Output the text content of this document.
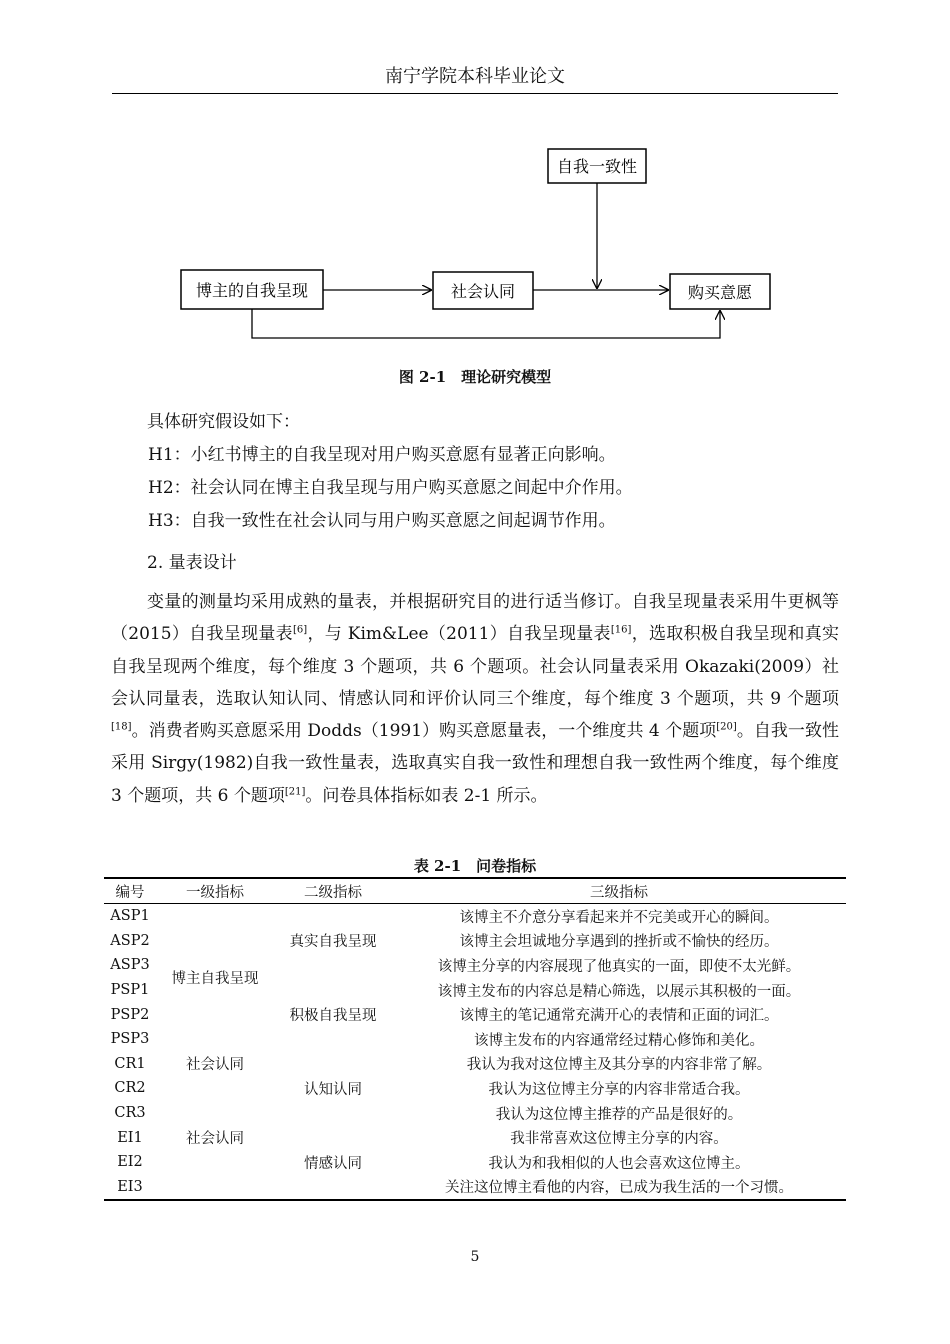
南宁学院本科毕业论文
自我一致性
博主的自我呈现	社会认同	购买意愿
图 2-1　理论研究模型
具体研究假设如下：
H1：小红书博主的自我呈现对用户购买意愿有显著正向影响。
H2：社会认同在博主自我呈现与用户购买意愿之间起中介作用。
H3：自我一致性在社会认同与用户购买意愿之间起调节作用。
2. 量表设计
变量的测量均采用成熟的量表，并根据研究目的进行适当修订。自我呈现量表采用牛更枫等（2015）自我呈现量表[6]，与 Kim&Lee（2011）自我呈现量表[16]，选取积极自我呈现和真实自我呈现两个维度，每个维度 3 个题项，共 6 个题项。社会认同量表采用 Okazaki(2009）社会认同量表，选取认知认同、情感认同和评价认同三个维度，每个维度 3 个题项，共 9 个题项[18]。消费者购买意愿采用 Dodds（1991）购买意愿量表，一个维度共 4 个题项[20]。自我一致性采用 Sirgy(1982)自我一致性量表，选取真实自我一致性和理想自我一致性两个维度，每个维度 3 个题项，共 6 个题项[21]。问卷具体指标如表 2-1 所示。
表 2-1　问卷指标
编号	一级指标	二级指标	三级指标
ASP1	博主自我呈现		该博主不介意分享看起来并不完美或开心的瞬间。
ASP2		真实自我呈现	该博主会坦诚地分享遇到的挫折或不愉快的经历。
ASP3			该博主分享的内容展现了他真实的一面，即使不太光鲜。
PSP1			该博主发布的内容总是精心筛选，以展示其积极的一面。
PSP2		积极自我呈现	该博主的笔记通常充满开心的表情和正面的词汇。
PSP3			该博主发布的内容通常经过精心修饰和美化。
CR1	社会认同		我认为我对这位博主及其分享的内容非常了解。
CR2		认知认同	我认为这位博主分享的内容非常适合我。
CR3			我认为这位博主推荐的产品是很好的。
EI1	社会认同		我非常喜欢这位博主分享的内容。
EI2		情感认同	我认为和我相似的人也会喜欢这位博主。
EI3			关注这位博主看他的内容，已成为我生活的一个习惯。
5
